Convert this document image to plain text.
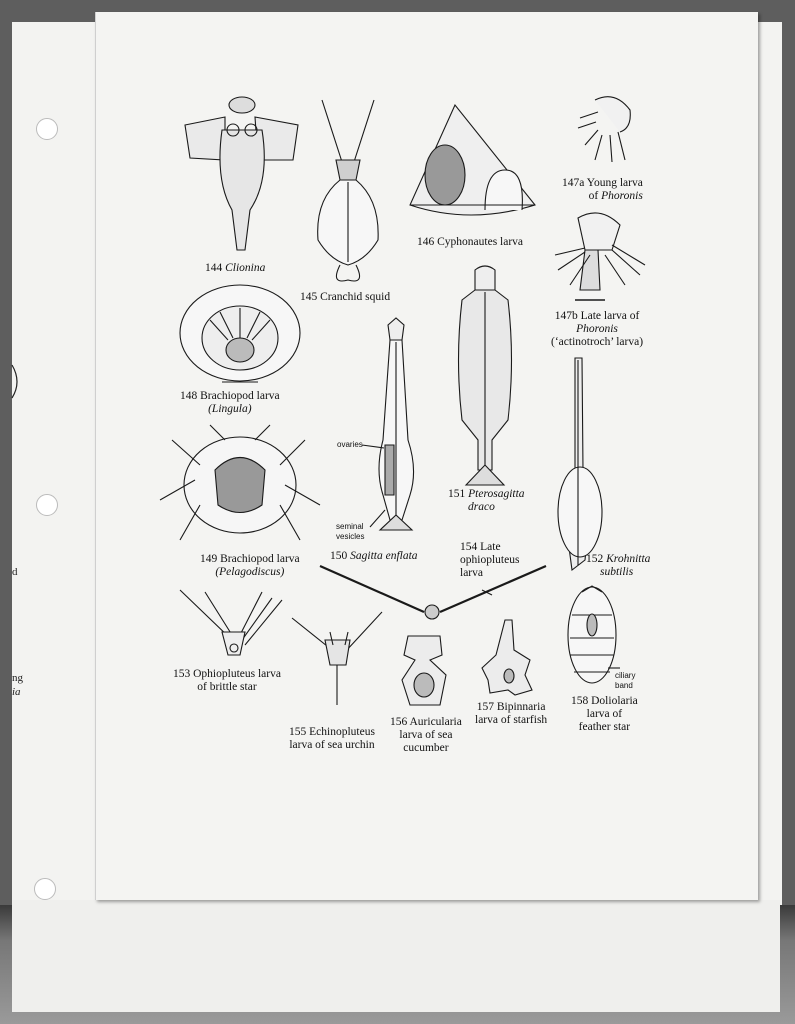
d
ng
ia
144 Clionina
145 Cranchid squid
146 Cyphonautes larva
147a Young larva
of Phoronis
147b Late larva of
Phoronis
(‘actinotroch’ larva)
148 Brachiopod larva
(Lingula)
149 Brachiopod larva
(Pelagodiscus)
150 Sagitta enflata
151 Pterosagitta
draco
152 Krohnitta
subtilis
154 Late
ophiopluteus
larva
153 Ophiopluteus larva
of brittle star
155 Echinopluteus
larva of sea urchin
156 Auricularia
larva of sea
cucumber
157 Bipinnaria
larva of starfish
158 Doliolaria
larva of
feather star
ovaries
seminal
vesicles
ciliary
band
